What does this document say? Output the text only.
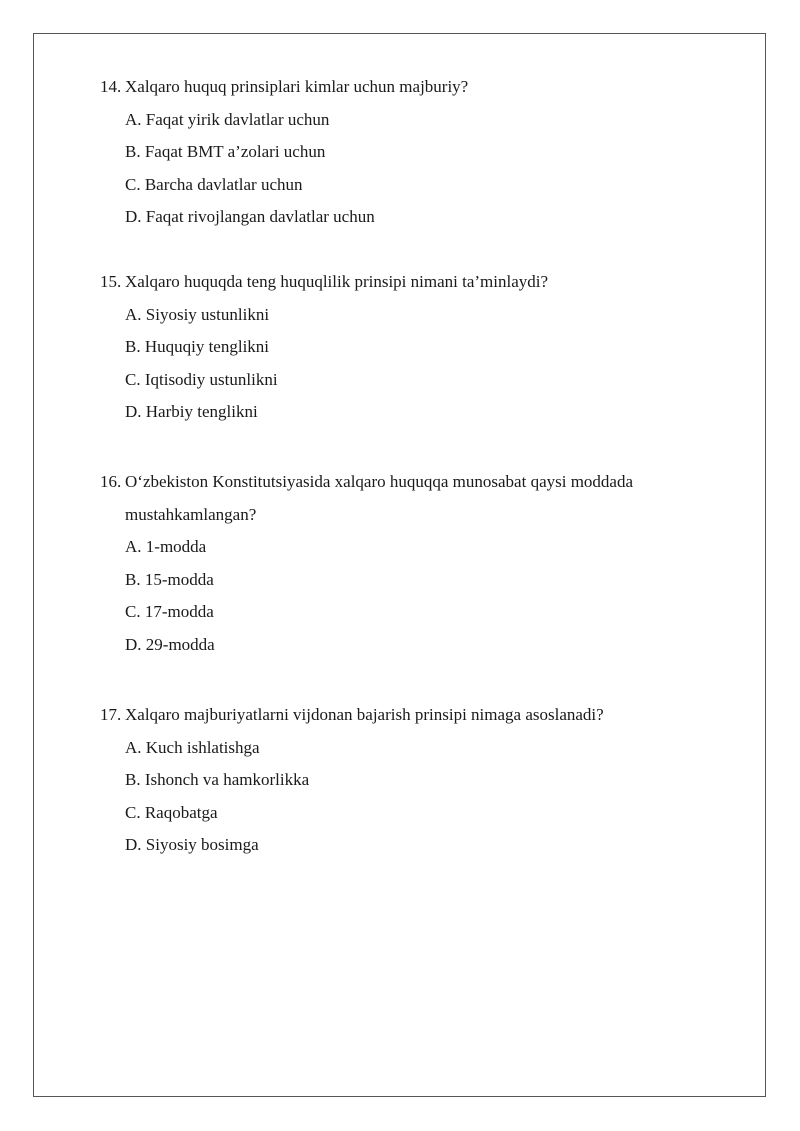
14. Xalqaro huquq prinsiplari kimlar uchun majburiy?
A. Faqat yirik davlatlar uchun
B. Faqat BMT a’zolari uchun
C. Barcha davlatlar uchun
D. Faqat rivojlangan davlatlar uchun
15. Xalqaro huquqda teng huquqlilik prinsipi nimani ta’minlaydi?
A. Siyosiy ustunlikni
B. Huquqiy tenglikni
C. Iqtisodiy ustunlikni
D. Harbiy tenglikni
16. O‘zbekiston Konstitutsiyasida xalqaro huquqqa munosabat qaysi moddada mustahkamlangan?
A. 1-modda
B. 15-modda
C. 17-modda
D. 29-modda
17. Xalqaro majburiyatlarni vijdonan bajarish prinsipi nimaga asoslanadi?
A. Kuch ishlatishga
B. Ishonch va hamkorlikka
C. Raqobatga
D. Siyosiy bosimga
